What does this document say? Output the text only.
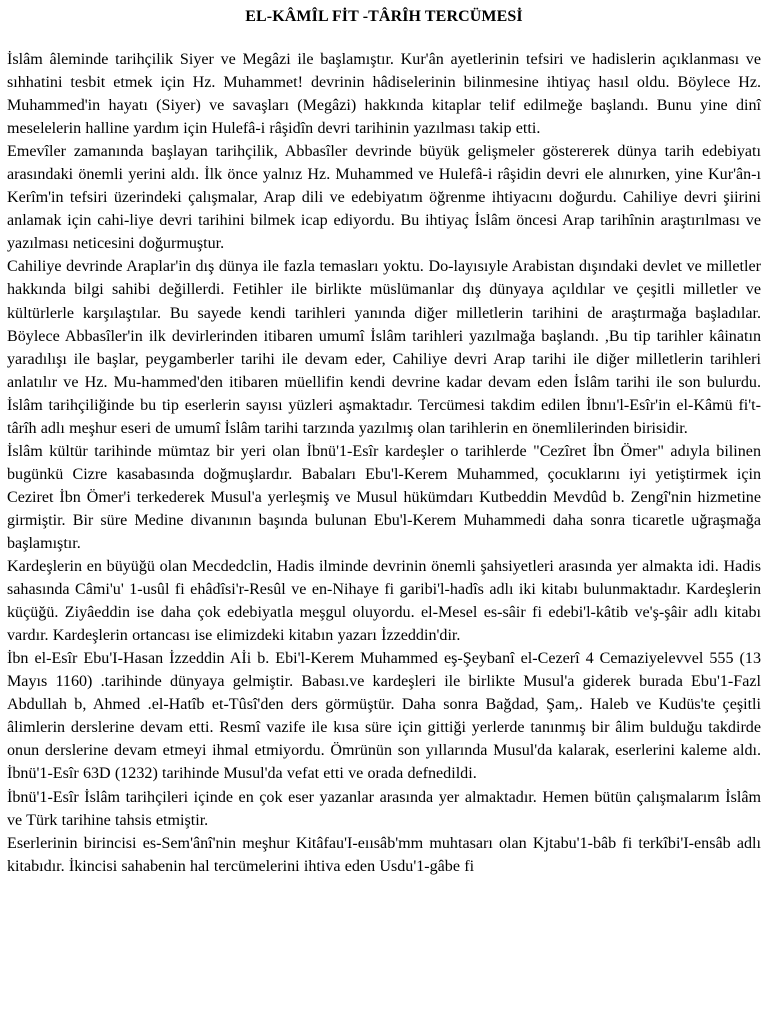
EL-KÂMÎL FİT -TÂRÎH TERCÜMESİ

İslâm âleminde tarihçilik Siyer ve Megâzi ile başlamıştır. Kur'ân ayetlerinin tefsiri ve hadislerin açıklanması ve sıhhatini tesbit etmek için Hz. Muhammet! devrinin hâdiselerinin bilinmesine ihtiyaç hasıl oldu. Böylece Hz. Muhammed'in hayatı (Siyer) ve savaşları (Megâzi) hakkında kitaplar telif edilmeğe başlandı. Bunu yine dinî meselelerin halline yardım için Hulefâ-i râşidîn devri tarihinin yazılması takip etti.

Emevîler zamanında başlayan tarihçilik, Abbasîler devrinde büyük gelişmeler göstererek dünya tarih edebiyatı arasındaki önemli yerini aldı. İlk önce yalnız Hz. Muhammed ve Hulefâ-i râşidin devri ele alınırken, yine Kur'ân-ı Kerîm'in tefsiri üzerindeki çalışmalar, Arap dili ve edebiyatım öğrenme ihtiyacını doğurdu. Cahiliye devri şiirini anlamak için cahi-liye devri tarihini bilmek icap ediyordu. Bu ihtiyaç İslâm öncesi Arap tarihînin araştırılması ve yazılması neticesini doğurmuştur.

Cahiliye devrinde Araplar'in dış dünya ile fazla temasları yoktu. Do-layısıyle Arabistan dışındaki devlet ve milletler hakkında bilgi sahibi değillerdi. Fetihler ile birlikte müslümanlar dış dünyaya açıldılar ve çeşitli milletler ve kültürlerle karşılaştılar. Bu sayede kendi tarihleri yanında diğer milletlerin tarihini de araştırmağa başladılar. Böylece Abbasîler'in ilk devirlerinden itibaren umumî İslâm tarihleri yazılmağa başlandı. ,Bu tip tarihler kâinatın yaradılışı ile başlar, peygamberler tarihi ile devam eder, Cahiliye devri Arap tarihi ile diğer milletlerin tarihleri anlatılır ve Hz. Mu-hammed'den itibaren müellifin kendi devrine kadar devam eden İslâm tarihi ile son bulurdu. İslâm tarihçiliğinde bu tip eserlerin sayısı yüzleri aşmaktadır. Tercümesi takdim edilen İbnıı'l-Esîr'in el-Kâmü fi't-târîh adlı meşhur eseri de umumî İslâm tarihi tarzında yazılmış olan tarihlerin en önemlilerinden birisidir.

İslâm kültür tarihinde mümtaz bir yeri olan İbnü'1-Esîr kardeşler o tarihlerde "Cezîret İbn Ömer" adıyla bilinen bugünkü Cizre kasabasında doğmuşlardır. Babaları Ebu'l-Kerem Muhammed, çocuklarını iyi yetiştirmek için Ceziret İbn Ömer'i terkederek Musul'a yerleşmiş ve Musul hükümdarı Kutbeddin Mevdûd b. Zengî'nin hizmetine girmiştir. Bir süre Medine divanının başında bulunan Ebu'l-Kerem Muhammedi daha sonra ticaretle uğraşmağa başlamıştır.

Kardeşlerin en büyüğü olan Mecdedclin, Hadis ilminde devrinin önemli şahsiyetleri arasında yer almakta idi. Hadis sahasında Câmi'u' 1-usûl fi ehâdîsi'r-Resûl ve en-Nihaye fi garibi'l-hadîs adlı iki kitabı bulunmaktadır. Kardeşlerin küçüğü. Ziyâeddin ise daha çok edebiyatla meşgul oluyordu. el-Mesel es-sâir fi edebi'l-kâtib ve'ş-şâir adlı kitabı vardır. Kardeşlerin ortancası ise elimizdeki kitabın yazarı İzzeddin'dir.

İbn el-Esîr Ebu'I-Hasan İzzeddin Aİi b. Ebi'l-Kerem Muhammed eş-Şeybanî el-Cezerî 4 Cemaziyelevvel 555 (13 Mayıs 1160) .tarihinde dünyaya gelmiştir. Babası.ve kardeşleri ile birlikte Musul'a giderek burada Ebu'1-Fazl Abdullah b, Ahmed .el-Hatîb et-Tûsî'den ders görmüştür. Daha sonra Bağdad, Şam,. Haleb ve Kudüs'te çeşitli âlimlerin derslerine devam etti. Resmî vazife ile kısa süre için gittiği yerlerde tanınmış bir âlim bulduğu takdirde onun derslerine devam etmeyi ihmal etmiyordu. Ömrünün son yıllarında Musul'da kalarak, eserlerini kaleme aldı. İbnü'1-Esîr 63D (1232) tarihinde Musul'da vefat etti ve orada defnedildi.

İbnü'1-Esîr İslâm tarihçileri içinde en çok eser yazanlar arasında yer almaktadır. Hemen bütün çalışmalarım İslâm ve Türk tarihine tahsis etmiştir.

Eserlerinin birincisi es-Sem'ânî'nin meşhur Kitâfau'I-eıısâb'mm muhtasarı olan Kjtabu'1-bâb fi terkîbi'I-ensâb adlı kitabıdır. İkincisi sahabenin hal tercümelerini ihtiva eden Usdu'1-gâbe fi
